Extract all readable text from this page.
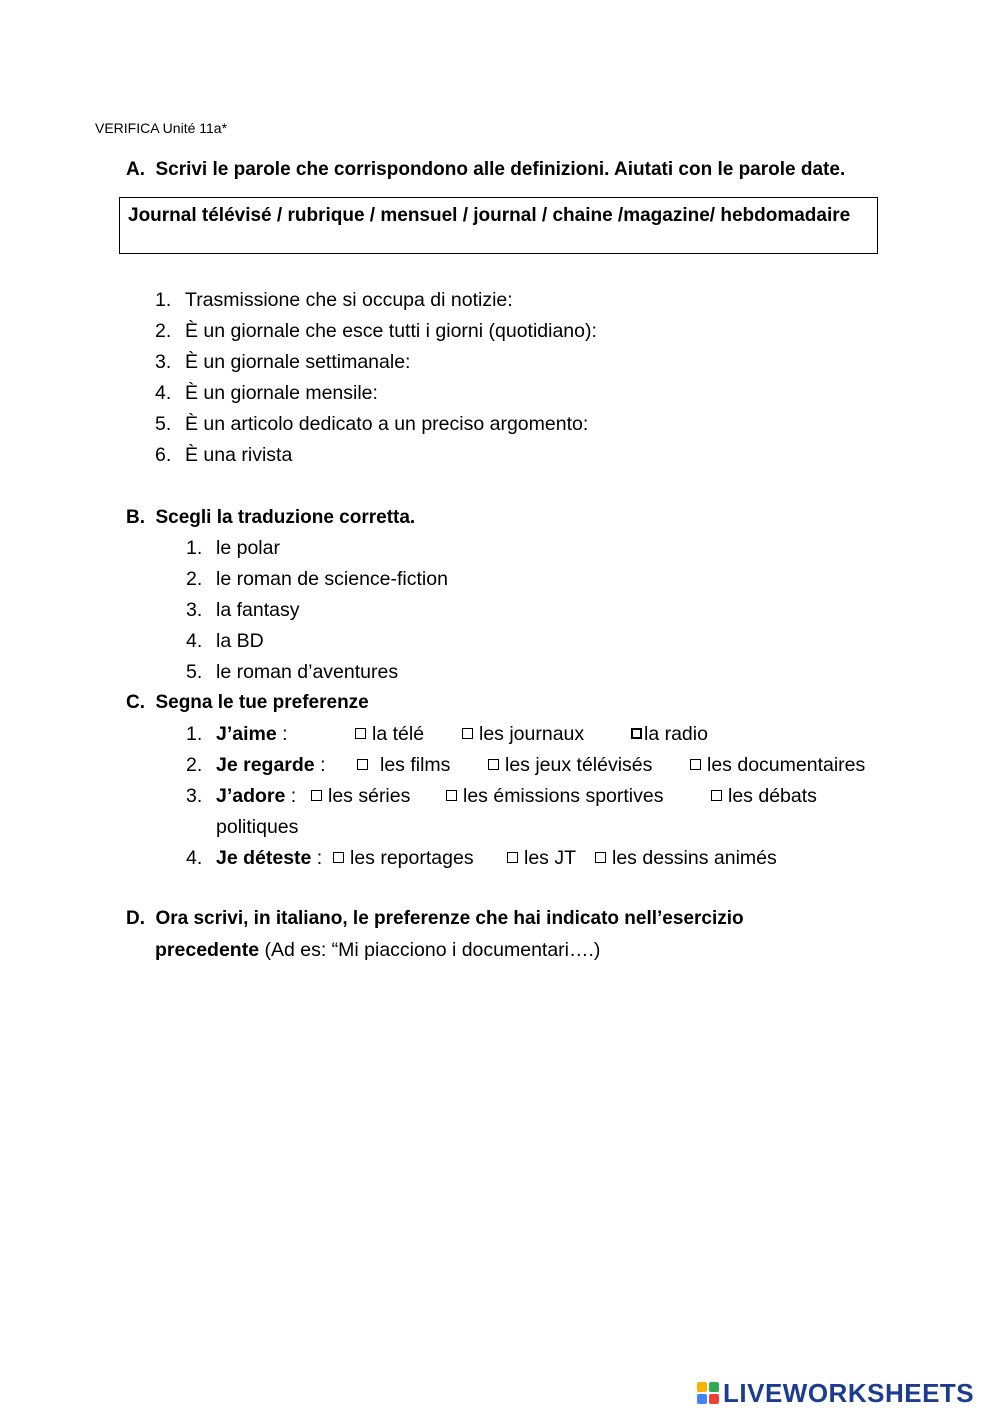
VERIFICA Unité 11a*
A. Scrivi le parole che corrispondono alle definizioni. Aiutati con le parole date.
Journal télévisé / rubrique / mensuel / journal / chaine /magazine/ hebdomadaire
1. Trasmissione che si occupa di notizie:
2. È un giornale che esce tutti i giorni (quotidiano):
3. È un giornale settimanale:
4. È un giornale mensile:
5. È un articolo dedicato a un preciso argomento:
6. È una rivista
B. Scegli la traduzione corretta.
1. le polar
2. le roman de science-fiction
3. la fantasy
4. la BD
5. le roman d’aventures
C. Segna le tue preferenze
1. J’aime :	la télé	les journaux	la radio
2. Je regarde :	les films	les jeux télévisés	les documentaires
3. J’adore :	les séries	les émissions sportives	les débats
politiques
4. Je déteste :	les reportages	les JT	les dessins animés
D. Ora scrivi, in italiano, le preferenze che hai indicato nell’esercizio
precedente (Ad es: “Mi piacciono i documentari….)
LIVEWORKSHEETS
